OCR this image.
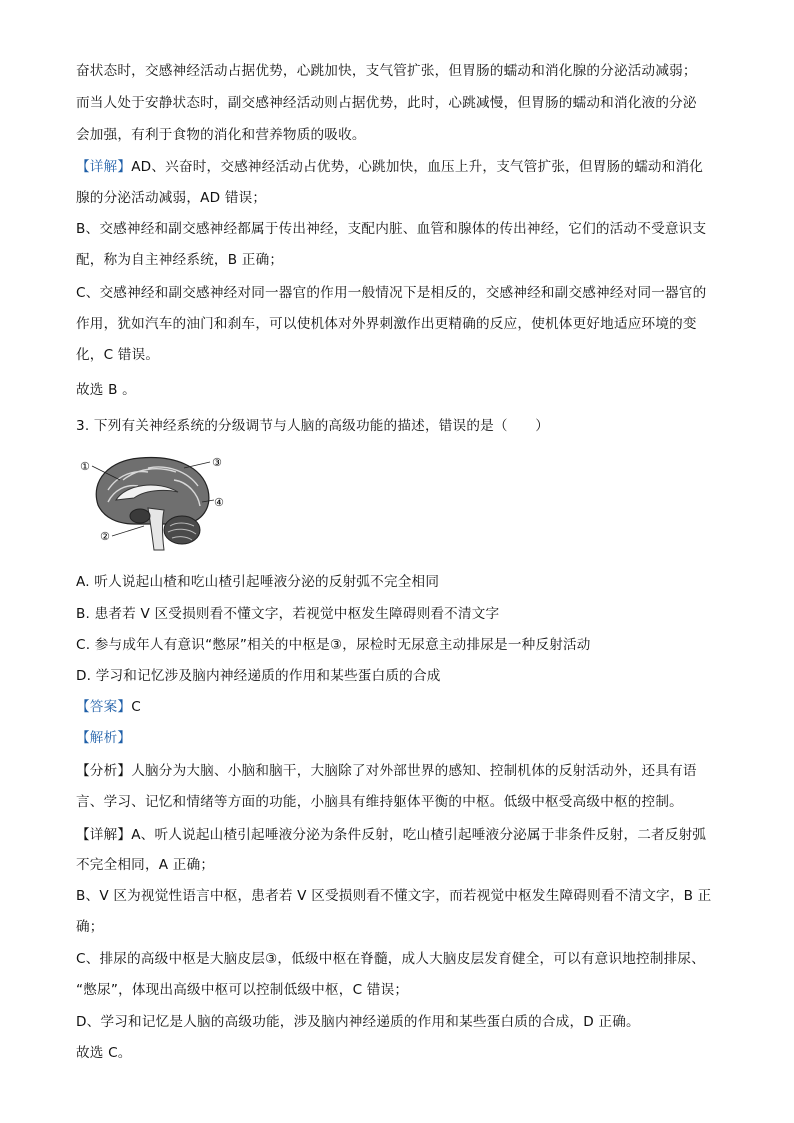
奋状态时，交感神经活动占据优势，心跳加快，支气管扩张，但胃肠的蠕动和消化腺的分泌活动减弱；
而当人处于安静状态时，副交感神经活动则占据优势，此时，心跳减慢，但胃肠的蠕动和消化液的分泌
会加强，有利于食物的消化和营养物质的吸收。
【详解】AD、兴奋时，交感神经活动占优势，心跳加快，血压上升，支气管扩张，但胃肠的蠕动和消化
腺的分泌活动减弱，AD 错误；
B、交感神经和副交感神经都属于传出神经，支配内脏、血管和腺体的传出神经，它们的活动不受意识支
配，称为自主神经系统，B 正确；
C、交感神经和副交感神经对同一器官的作用一般情况下是相反的，交感神经和副交感神经对同一器官的
作用，犹如汽车的油门和刹车，可以使机体对外界刺激作出更精确的反应，使机体更好地适应环境的变
化，C 错误。
故选 B 。
3. 下列有关神经系统的分级调节与人脑的高级功能的描述，错误的是（　　）
①	③
④
②
A. 听人说起山楂和吃山楂引起唾液分泌的反射弧不完全相同
B. 患者若 V 区受损则看不懂文字，若视觉中枢发生障碍则看不清文字
C. 参与成年人有意识“憋尿”相关的中枢是③，尿检时无尿意主动排尿是一种反射活动
D. 学习和记忆涉及脑内神经递质的作用和某些蛋白质的合成
【答案】C
【解析】
【分析】人脑分为大脑、小脑和脑干，大脑除了对外部世界的感知、控制机体的反射活动外，还具有语
言、学习、记忆和情绪等方面的功能，小脑具有维持躯体平衡的中枢。低级中枢受高级中枢的控制。
【详解】A、听人说起山楂引起唾液分泌为条件反射，吃山楂引起唾液分泌属于非条件反射，二者反射弧
不完全相同，A 正确；
B、V 区为视觉性语言中枢，患者若 V 区受损则看不懂文字，而若视觉中枢发生障碍则看不清文字，B 正
确；
C、排尿的高级中枢是大脑皮层③，低级中枢在脊髓，成人大脑皮层发育健全，可以有意识地控制排尿、
“憋尿”，体现出高级中枢可以控制低级中枢，C 错误；
D、学习和记忆是人脑的高级功能，涉及脑内神经递质的作用和某些蛋白质的合成，D 正确。
故选 C。
